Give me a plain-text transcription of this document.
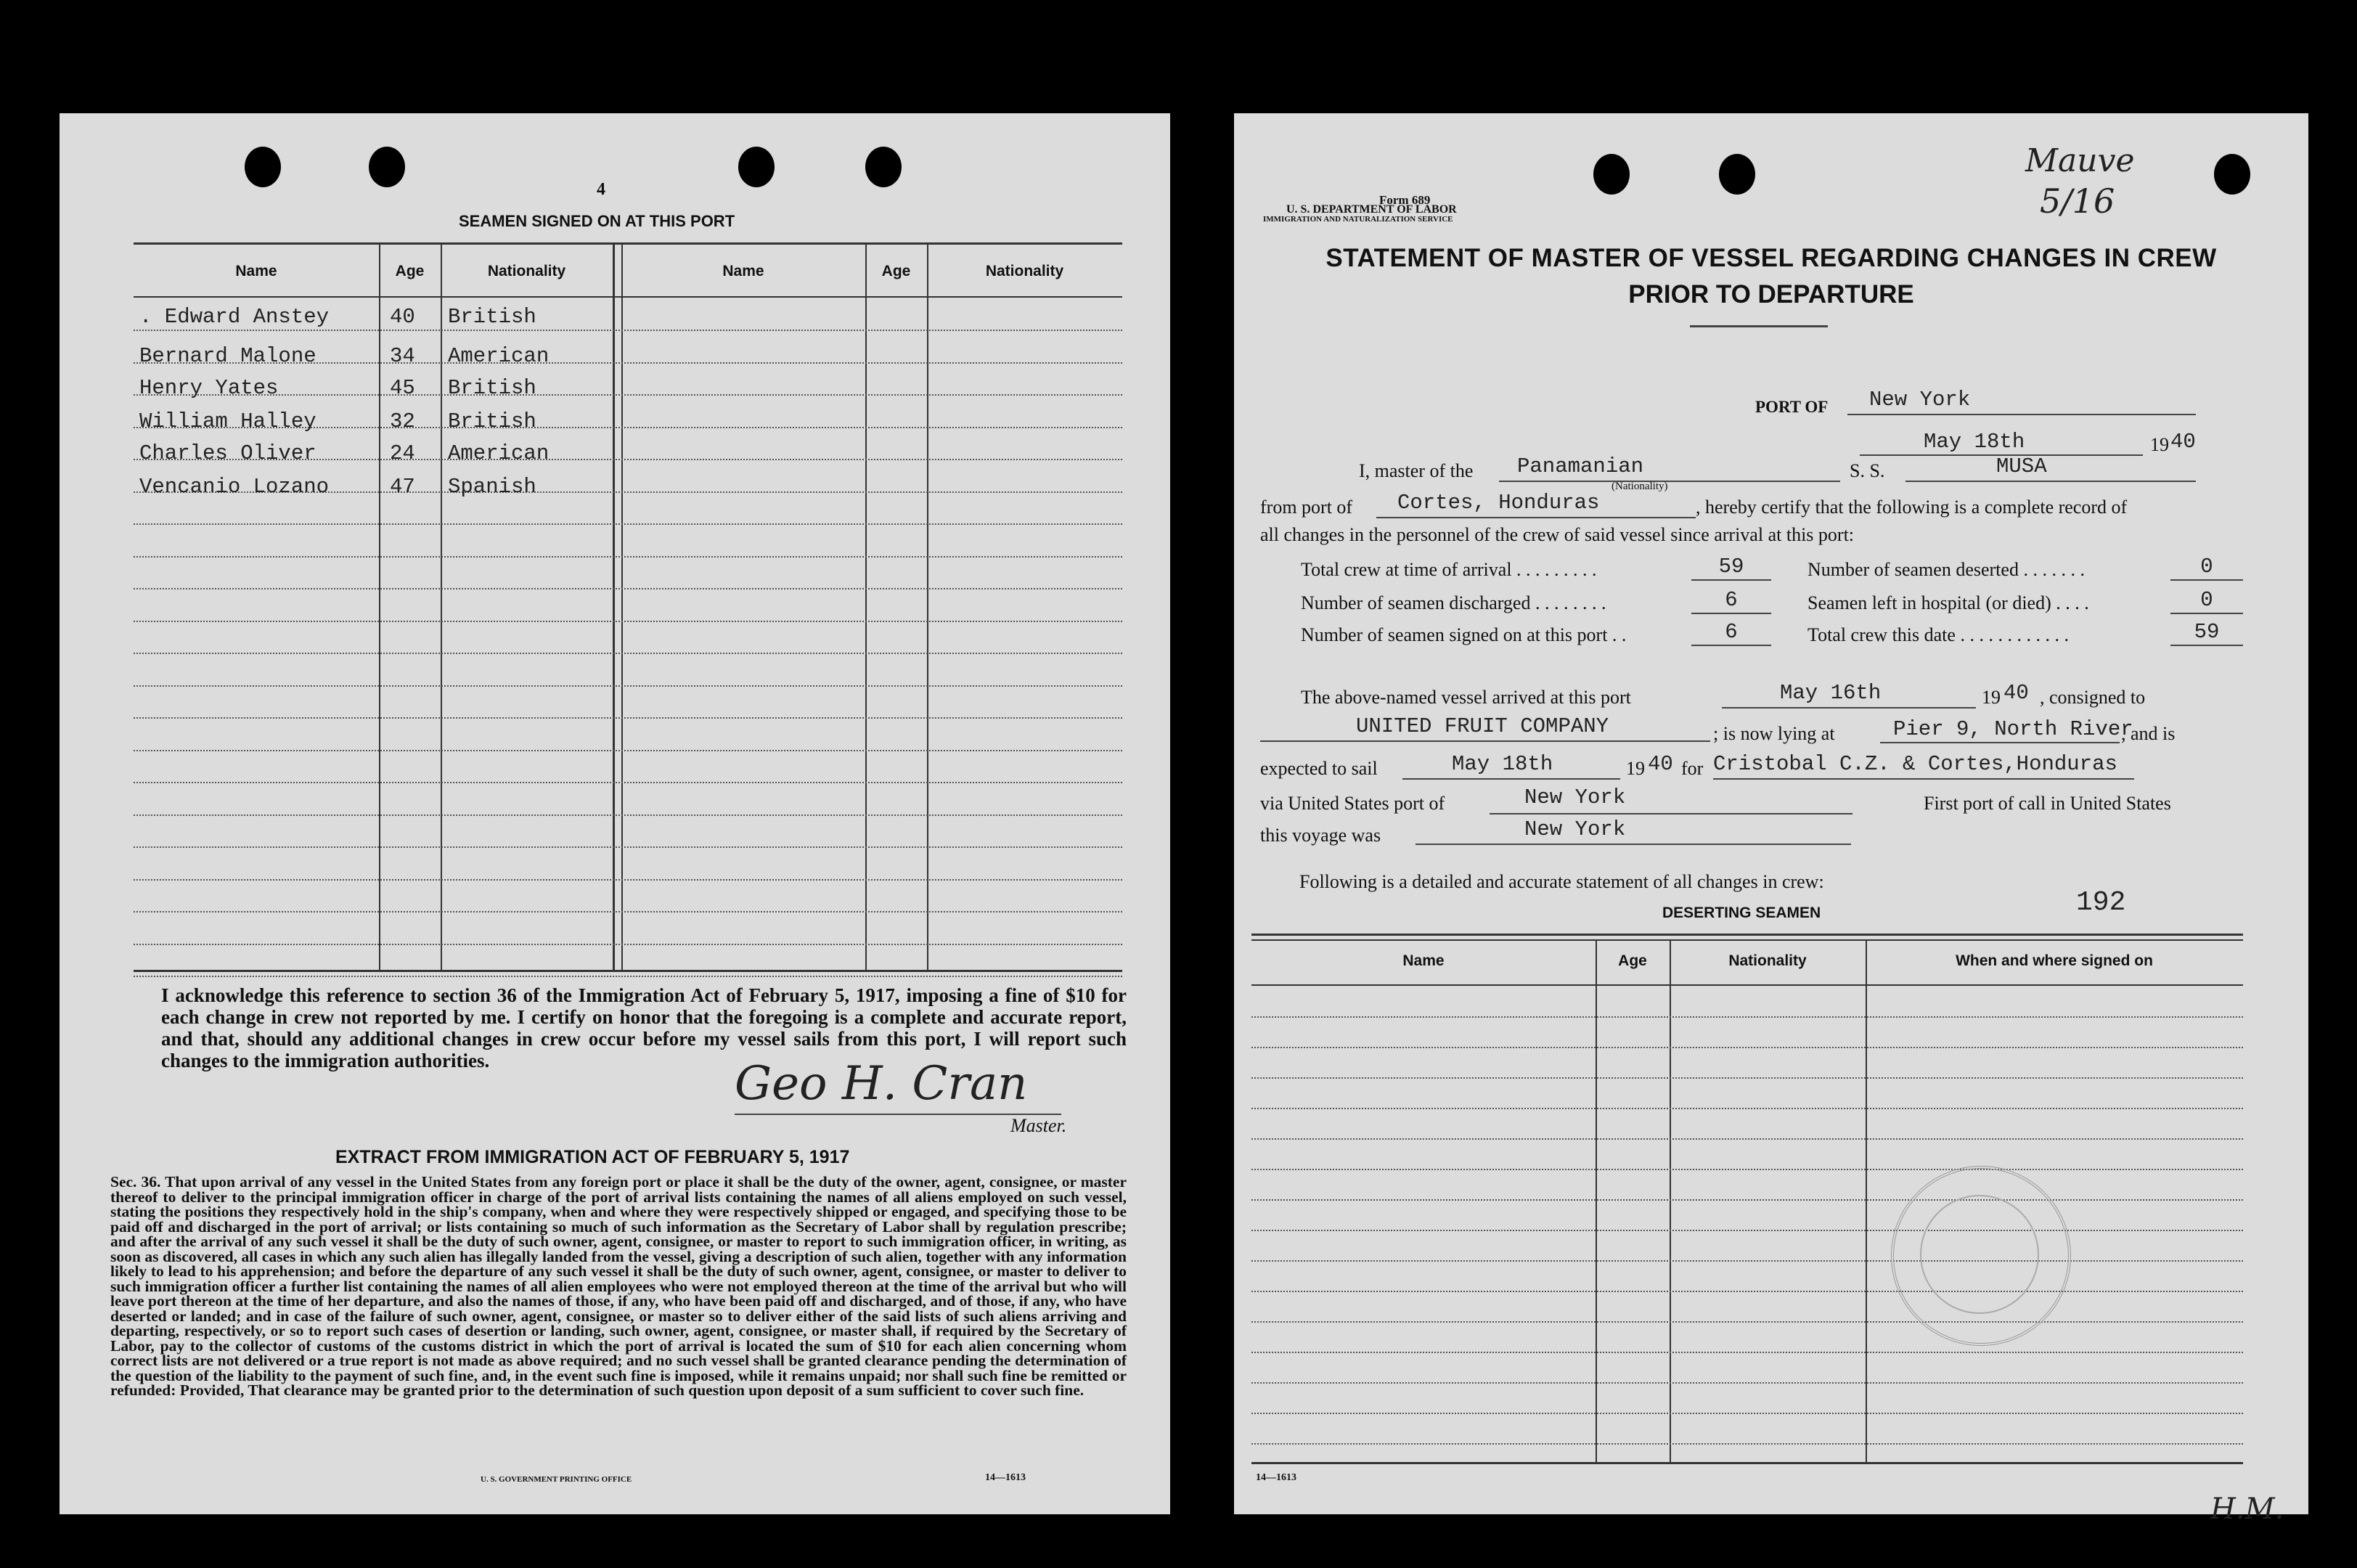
4
SEAMEN SIGNED ON AT THIS PORT
Name	Age	Nationality	Name	Age	Nationality
. Edward Anstey	40 British
Bernard Malone	34 American
Henry Yates	45 British
William Halley	32 British
Charles Oliver	24 American
Vencanio Lozano	47 Spanish
I acknowledge this reference to section 36 of the Immigration Act of February 5, 1917, imposing a fine of $10 for each change in crew not reported by me. I certify on honor that the foregoing is a complete and accurate report, and that, should any additional changes in crew occur before my vessel sails from this port, I will report such changes to the immigration authorities.	Geo H. Cran
Master.
EXTRACT FROM IMMIGRATION ACT OF FEBRUARY 5, 1917
Sec. 36. That upon arrival of any vessel in the United States from any foreign port or place it shall be the duty of the owner, agent, consignee, or master thereof to deliver to the principal immigration officer in charge of the port of arrival lists containing the names of all aliens employed on such vessel, stating the positions they respectively hold in the ship's company, when and where they were respectively shipped or engaged, and specifying those to be paid off and discharged in the port of arrival; or lists containing so much of such information as the Secretary of Labor shall by regulation prescribe; and after the arrival of any such vessel it shall be the duty of such owner, agent, consignee, or master to report to such immigration officer, in writing, as soon as discovered, all cases in which any such alien has illegally landed from the vessel, giving a description of such alien, together with any information likely to lead to his apprehension; and before the departure of any such vessel it shall be the duty of such owner, agent, consignee, or master to deliver to such immigration officer a further list containing the names of all alien employees who were not employed thereon at the time of the arrival but who will leave port thereon at the time of her departure, and also the names of those, if any, who have been paid off and discharged, and of those, if any, who have deserted or landed; and in case of the failure of such owner, agent, consignee, or master so to deliver either of the said lists of such aliens arriving and departing, respectively, or so to report such cases of desertion or landing, such owner, agent, consignee, or master shall, if required by the Secretary of Labor, pay to the collector of customs of the customs district in which the port of arrival is located the sum of $10 for each alien concerning whom correct lists are not delivered or a true report is not made as above required; and no such vessel shall be granted clearance pending the determination of the question of the liability to the payment of such fine, and, in the event such fine is imposed, while it remains unpaid; nor shall such fine be remitted or refunded: Provided, That clearance may be granted prior to the determination of such question upon deposit of a sum sufficient to cover such fine.
U. S. GOVERNMENT PRINTING OFFICE	14—1613
Mauve
5/16
Form 689
U. S. DEPARTMENT OF LABOR
IMMIGRATION AND NATURALIZATION SERVICE
STATEMENT OF MASTER OF VESSEL REGARDING CHANGES IN CREW
PRIOR TO DEPARTURE
PORT OF New York
May 18th	19 40
I, master of the Panamanian
(Nationality)
S. S.	MUSA
from port of Cortes, Honduras	, hereby certify that the following is a complete record of
all changes in the personnel of the crew of said vessel since arrival at this port:
Total crew at time of arrival . . . . . . . . .	59
Number of seamen discharged . . . . . . . .	6
Number of seamen signed on at this port . .	6
Number of seamen deserted . . . . . . .	0
Seamen left in hospital (or died) . . . .	0
Total crew this date . . . . . . . . . . . .	59
The above-named vessel arrived at this port	May 16th	19 40 , consigned to
UNITED FRUIT COMPANY	; is now lying at	Pier 9, North River
, and is
expected to sail	May 18th	19 40 for Cristobal C.Z. & Cortes,Honduras
via United States port of	New York	First port of call in United States
this voyage was	New York
Following is a detailed and accurate statement of all changes in crew:
DESERTING SEAMEN	192
Name	Age	Nationality	When and where signed on
14—1613
H.M.
